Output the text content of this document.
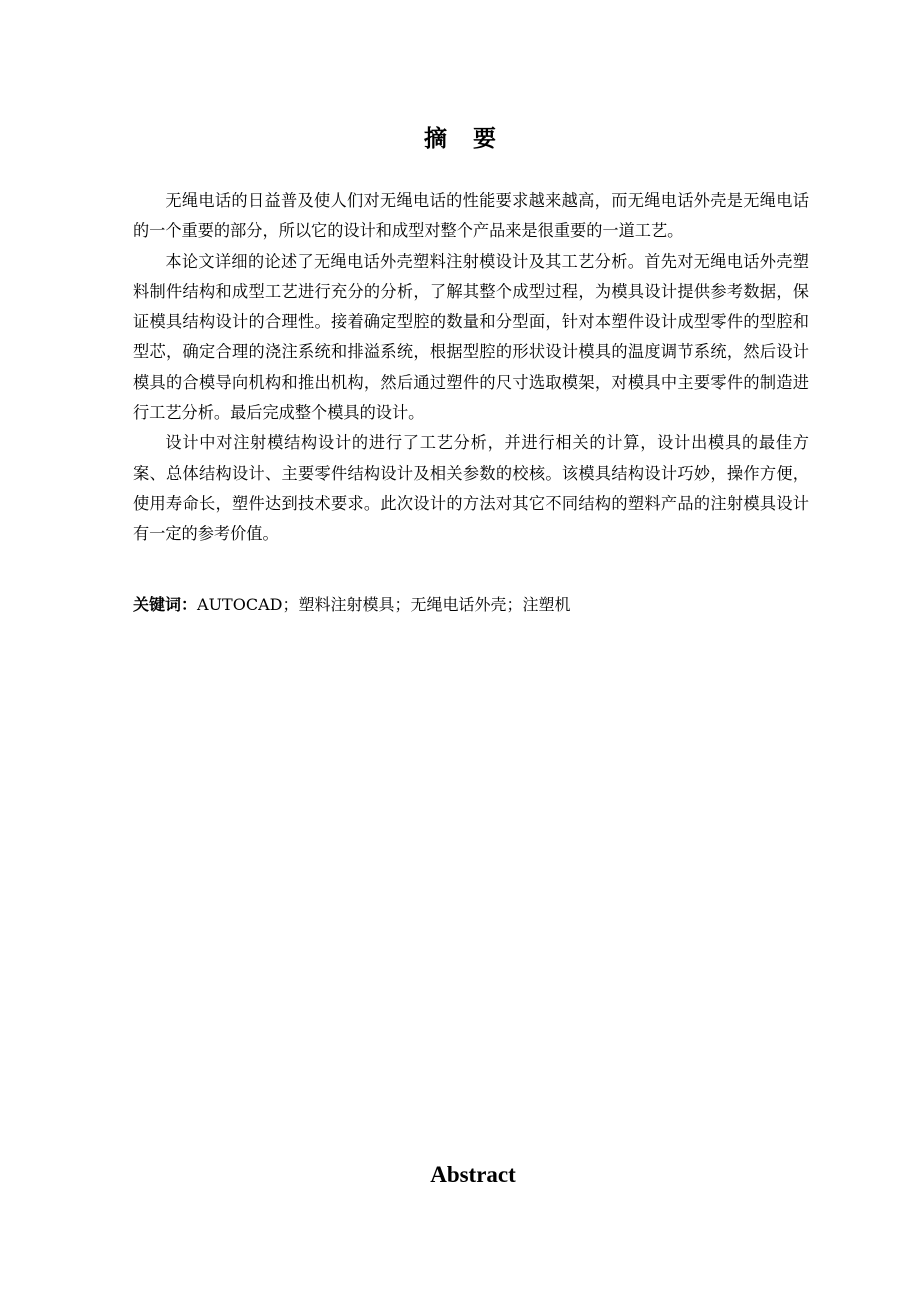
摘要

无绳电话的日益普及使人们对无绳电话的性能要求越来越高，而无绳电话外壳是无绳电话的一个重要的部分，所以它的设计和成型对整个产品来是很重要的一道工艺。

本论文详细的论述了无绳电话外壳塑料注射模设计及其工艺分析。首先对无绳电话外壳塑料制件结构和成型工艺进行充分的分析，了解其整个成型过程，为模具设计提供参考数据，保证模具结构设计的合理性。接着确定型腔的数量和分型面，针对本塑件设计成型零件的型腔和型芯，确定合理的浇注系统和排溢系统，根据型腔的形状设计模具的温度调节系统，然后设计模具的合模导向机构和推出机构，然后通过塑件的尺寸选取模架，对模具中主要零件的制造进行工艺分析。最后完成整个模具的设计。

设计中对注射模结构设计的进行了工艺分析，并进行相关的计算，设计出模具的最佳方案、总体结构设计、主要零件结构设计及相关参数的校核。该模具结构设计巧妙，操作方便，使用寿命长，塑件达到技术要求。此次设计的方法对其它不同结构的塑料产品的注射模具设计有一定的参考价值。

关键词：AUTOCAD；塑料注射模具；无绳电话外壳；注塑机
Abstract
